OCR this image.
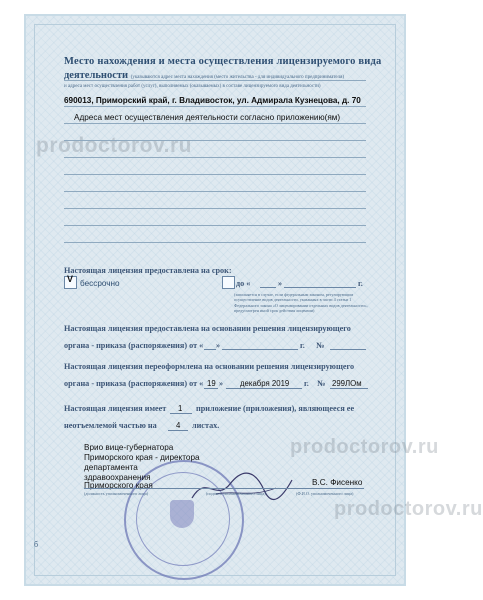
prodoctorov.ru
prodoctorov.ru
prodoctorov.ru
Место нахождения и места осуществления лицензируемого вида
деятельности (указываются адрес места нахождения (место жительства - для индивидуального предпринимателя)
и адреса мест осуществления работ (услуг), выполняемых (оказываемых) в составе лицензируемого вида деятельности)
690013, Приморский край, г. Владивосток, ул. Адмирала Кузнецова, д. 70
Адреса мест осуществления деятельности согласно приложению(ям)
Настоящая лицензия предоставлена на срок:
V бессрочно	до «	»	г.
(заполняется в случае, если федеральным законом, регулирующим осуществление видов деятельности, указанных в части 4 статьи 1 Федерального закона «О лицензировании отдельных видов деятельности», предусмотрен иной срок действия лицензии)
Настоящая лицензия предоставлена на основании решения лицензирующего
органа - приказа (распоряжения) от « »	г. №
Настоящая лицензия переоформлена на основании решения лицензирующего
органа - приказа (распоряжения) от « 19 » декабря 2019 г. № 299ЛОм
Настоящая лицензия имеет 1 приложение (приложения), являющееся ее
неотъемлемой частью на 4 листах.
Врио вице-губернатора
Приморского края - директора
департамента
здравоохранения
Приморского края	В.С. Фисенко
(должность уполномоченного лица)	(подпись уполномоченного лица)	(Ф.И.О. уполномоченного лица)
б
